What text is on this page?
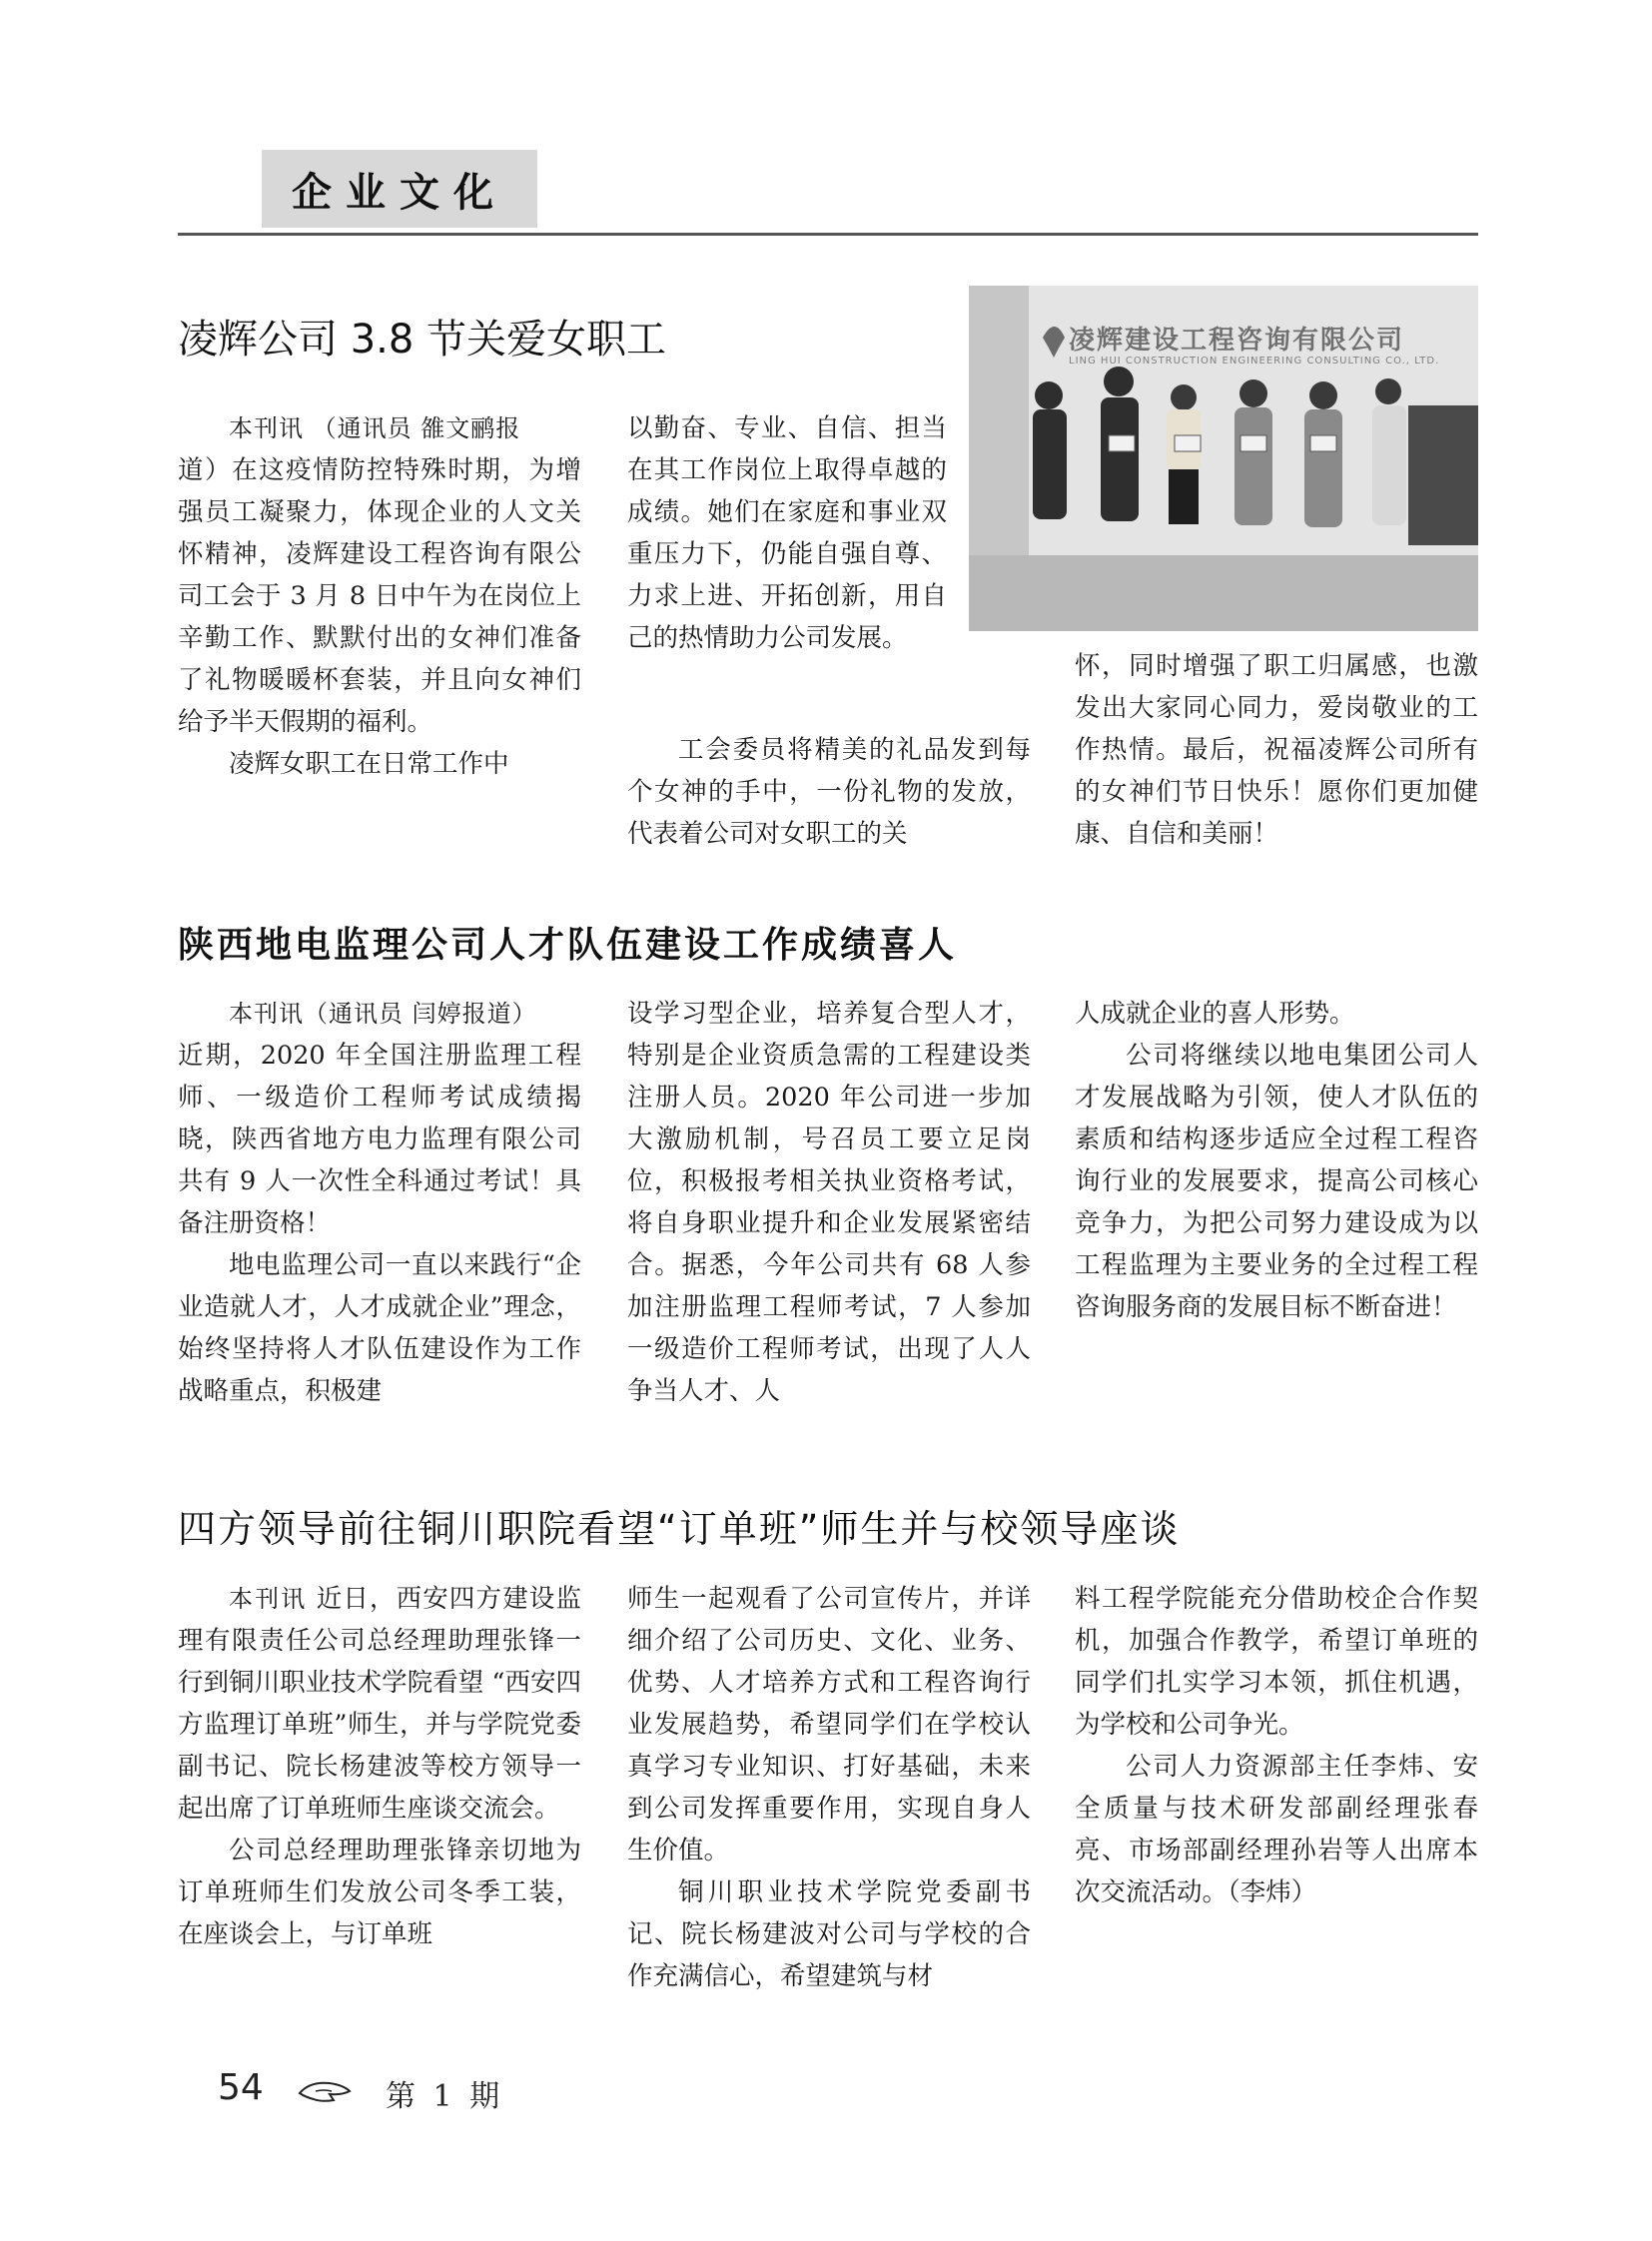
企业文化
凌辉公司 3.8 节关爱女职工	凌辉建设工程咨询有限公司
LING HUI CONSTRUCTION ENGINEERING CONSULTING CO., LTD.

本刊讯 （通讯员 雒文鹂报

道）在这疫情防控特殊时期，为增强员工凝聚力，体现企业的人文关怀精神，凌辉建设工程咨询有限公司工会于 3 月 8 日中午为在岗位上辛勤工作、默默付出的女神们准备了礼物暖暖杯套装，并且向女神们给予半天假期的福利。

凌辉女职工在日常工作中

以勤奋、专业、自信、担当在其工作岗位上取得卓越的成绩。她们在家庭和事业双重压力下，仍能自强自尊、力求上进、开拓创新，用自己的热情助力公司发展。

工会委员将精美的礼品发到每个女神的手中，一份礼物的发放，代表着公司对女职工的关

怀，同时增强了职工归属感，也激发出大家同心同力，爱岗敬业的工作热情。最后，祝福凌辉公司所有的女神们节日快乐！愿你们更加健康、自信和美丽！

陕西地电监理公司人才队伍建设工作成绩喜人

本刊讯（通讯员 闫婷报道）

近期，2020 年全国注册监理工程师、一级造价工程师考试成绩揭晓，陕西省地方电力监理有限公司共有 9 人一次性全科通过考试！具备注册资格！

地电监理公司一直以来践行“企业造就人才，人才成就企业”理念，始终坚持将人才队伍建设作为工作战略重点，积极建

设学习型企业，培养复合型人才，特别是企业资质急需的工程建设类注册人员。2020 年公司进一步加大激励机制，号召员工要立足岗位，积极报考相关执业资格考试，将自身职业提升和企业发展紧密结合。据悉，今年公司共有 68 人参加注册监理工程师考试，7 人参加一级造价工程师考试，出现了人人争当人才、人

人成就企业的喜人形势。

公司将继续以地电集团公司人才发展战略为引领，使人才队伍的素质和结构逐步适应全过程工程咨询行业的发展要求，提高公司核心竞争力，为把公司努力建设成为以工程监理为主要业务的全过程工程咨询服务商的发展目标不断奋进！

四方领导前往铜川职院看望“订单班”师生并与校领导座谈

本刊讯 近日，西安四方建设监理有限责任公司总经理助理张锋一行到铜川职业技术学院看望 “西安四方监理订单班”师生，并与学院党委副书记、院长杨建波等校方领导一起出席了订单班师生座谈交流会。

公司总经理助理张锋亲切地为订单班师生们发放公司冬季工装，在座谈会上，与订单班

师生一起观看了公司宣传片，并详细介绍了公司历史、文化、业务、优势、人才培养方式和工程咨询行业发展趋势，希望同学们在学校认真学习专业知识、打好基础，未来到公司发挥重要作用，实现自身人生价值。

铜川职业技术学院党委副书记、院长杨建波对公司与学校的合作充满信心，希望建筑与材

料工程学院能充分借助校企合作契机，加强合作教学，希望订单班的同学们扎实学习本领，抓住机遇，为学校和公司争光。

公司人力资源部主任李炜、安全质量与技术研发部副经理张春亮、市场部副经理孙岩等人出席本次交流活动。（李炜）

54	第 1 期
